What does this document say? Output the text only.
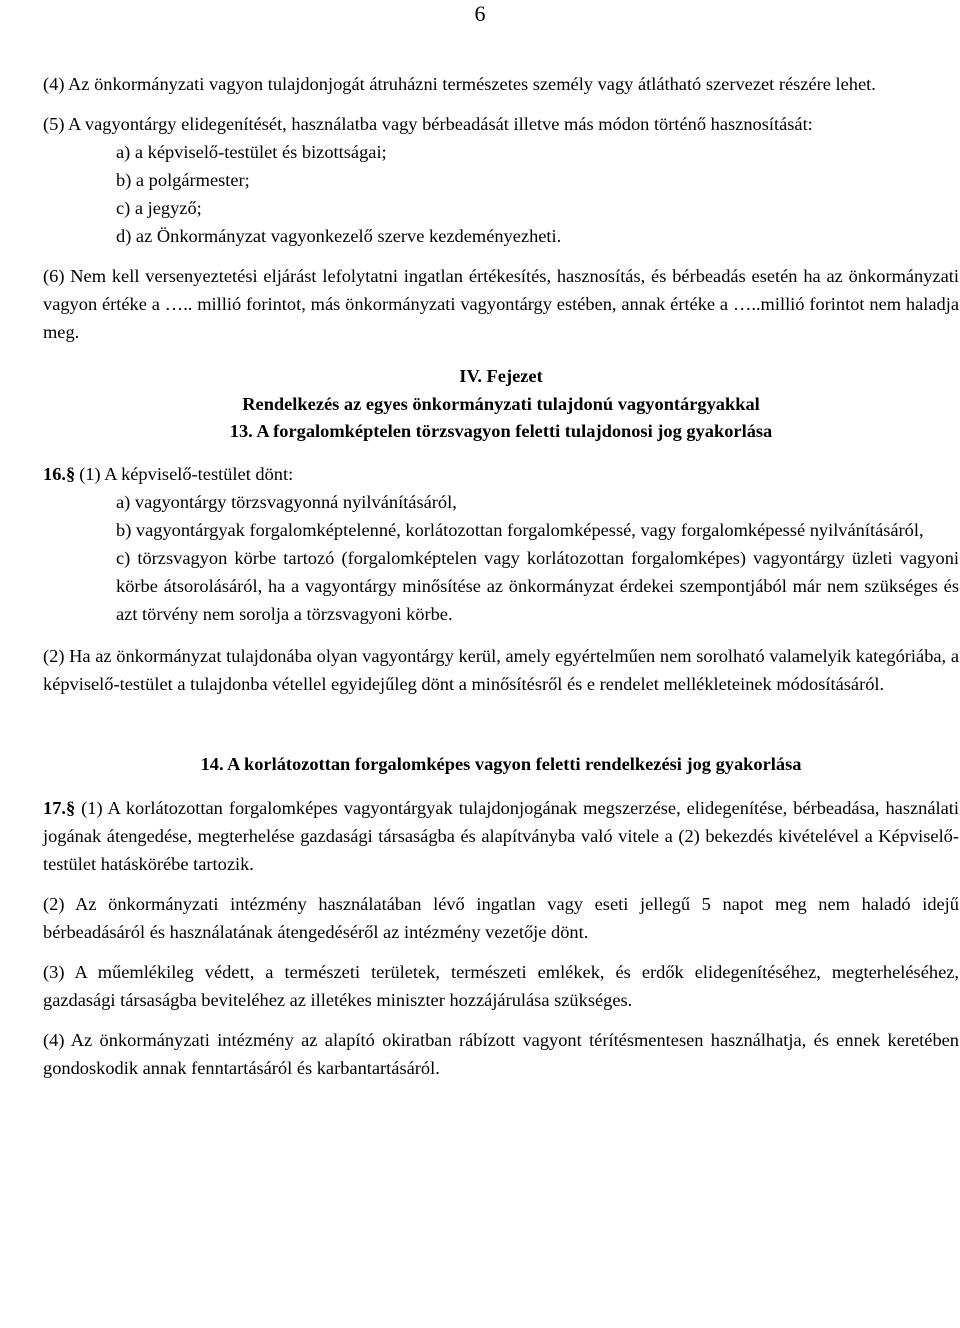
6

(4) Az önkormányzati vagyon tulajdonjogát átruházni természetes személy vagy átlátható szervezet részére lehet.

(5) A vagyontárgy elidegenítését, használatba vagy bérbeadását illetve más módon történő hasznosítását:

a) a képviselő-testület és bizottságai;

b) a polgármester;

c) a jegyző;

d) az Önkormányzat vagyonkezelő szerve kezdeményezheti.

(6) Nem kell versenyeztetési eljárást lefolytatni ingatlan értékesítés, hasznosítás, és bérbeadás esetén ha az önkormányzati vagyon értéke a ….. millió forintot, más önkormányzati vagyontárgy estében, annak értéke a …..millió forintot nem haladja meg.

IV. Fejezet

Rendelkezés az egyes önkormányzati tulajdonú vagyontárgyakkal

13. A forgalomképtelen törzsvagyon feletti tulajdonosi jog gyakorlása

16.§ (1) A képviselő-testület dönt:

a) vagyontárgy törzsvagyonná nyilvánításáról,

b) vagyontárgyak forgalomképtelenné, korlátozottan forgalomképessé, vagy forgalomképessé nyilvánításáról,

c) törzsvagyon körbe tartozó (forgalomképtelen vagy korlátozottan forgalomképes) vagyontárgy üzleti vagyoni körbe átsorolásáról, ha a vagyontárgy minősítése az önkormányzat érdekei szempontjából már nem szükséges és azt törvény nem sorolja a törzsvagyoni körbe.

(2) Ha az önkormányzat tulajdonába olyan vagyontárgy kerül, amely egyértelműen nem sorolható valamelyik kategóriába, a képviselő-testület a tulajdonba vétellel egyidejűleg dönt a minősítésről és e rendelet mellékleteinek módosításáról.

14. A korlátozottan forgalomképes vagyon feletti rendelkezési jog gyakorlása

17.§ (1) A korlátozottan forgalomképes vagyontárgyak tulajdonjogának megszerzése, elidegenítése, bérbeadása, használati jogának átengedése, megterhelése gazdasági társaságba és alapítványba való vitele a (2) bekezdés kivételével a Képviselő-testület hatáskörébe tartozik.

(2) Az önkormányzati intézmény használatában lévő ingatlan vagy eseti jellegű 5 napot meg nem haladó idejű bérbeadásáról és használatának átengedéséről az intézmény vezetője dönt.

(3) A műemlékileg védett, a természeti területek, természeti emlékek, és erdők elidegenítéséhez, megterheléséhez, gazdasági társaságba beviteléhez az illetékes miniszter hozzájárulása szükséges.

(4) Az önkormányzati intézmény az alapító okiratban rábízott vagyont térítésmentesen használhatja, és ennek keretében gondoskodik annak fenntartásáról és karbantartásáról.
